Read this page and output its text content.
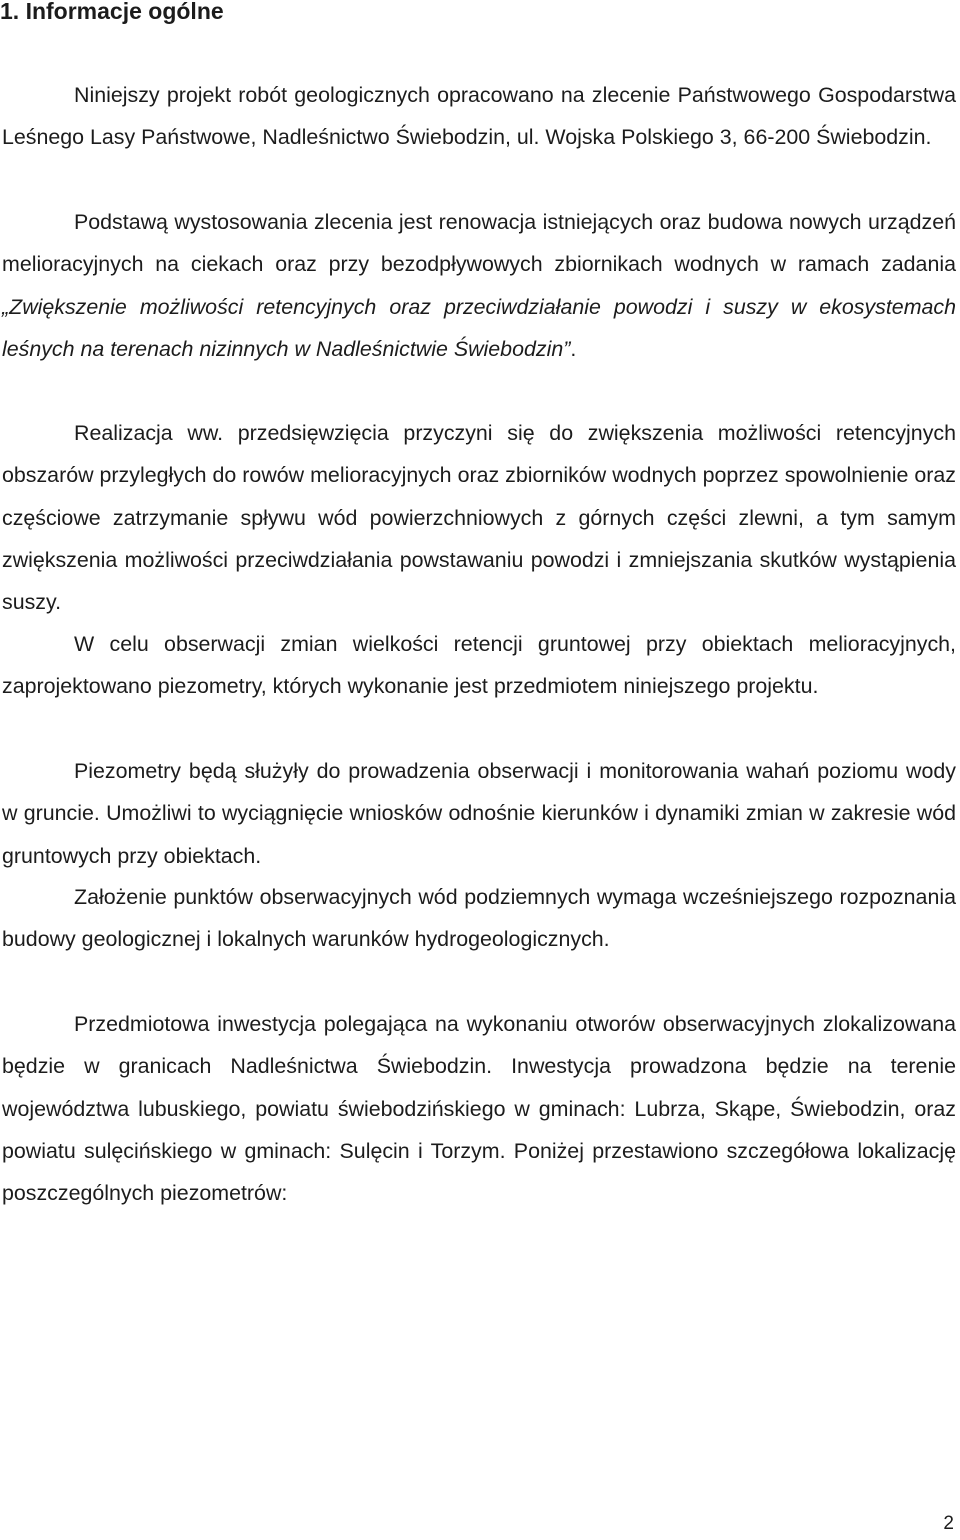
1. Informacje ogólne

Niniejszy projekt robót geologicznych opracowano na zlecenie Państwowego Gospodarstwa Leśnego Lasy Państwowe, Nadleśnictwo Świebodzin, ul. Wojska Polskiego 3, 66-200 Świebodzin.

Podstawą wystosowania zlecenia jest renowacja istniejących oraz budowa nowych urządzeń melioracyjnych na ciekach oraz przy bezodpływowych zbiornikach wodnych w ramach zadania „Zwiększenie możliwości retencyjnych oraz przeciwdziałanie powodzi i suszy w ekosystemach leśnych na terenach nizinnych w Nadleśnictwie Świebodzin”.

Realizacja ww. przedsięwzięcia przyczyni się do zwiększenia możliwości retencyjnych obszarów przyległych do rowów melioracyjnych oraz zbiorników wodnych poprzez spowolnienie oraz częściowe zatrzymanie spływu wód powierzchniowych z górnych części zlewni, a tym samym zwiększenia możliwości przeciwdziałania powstawaniu powodzi i zmniejszania skutków wystąpienia suszy.

W celu obserwacji zmian wielkości retencji gruntowej przy obiektach melioracyjnych, zaprojektowano piezometry, których wykonanie jest przedmiotem niniejszego projektu.

Piezometry będą służyły do prowadzenia obserwacji i monitorowania wahań poziomu wody w gruncie. Umożliwi to wyciągnięcie wniosków odnośnie kierunków i dynamiki zmian w zakresie wód gruntowych przy obiektach.

Założenie punktów obserwacyjnych wód podziemnych wymaga wcześniejszego rozpoznania budowy geologicznej i lokalnych warunków hydrogeologicznych.

Przedmiotowa inwestycja polegająca na wykonaniu otworów obserwacyjnych zlokalizowana będzie w granicach Nadleśnictwa Świebodzin. Inwestycja prowadzona będzie na terenie województwa lubuskiego, powiatu świebodzińskiego w gminach: Lubrza, Skąpe, Świebodzin, oraz powiatu sulęcińskiego w gminach: Sulęcin i Torzym. Poniżej przestawiono szczegółowa lokalizację poszczególnych piezometrów:

2
